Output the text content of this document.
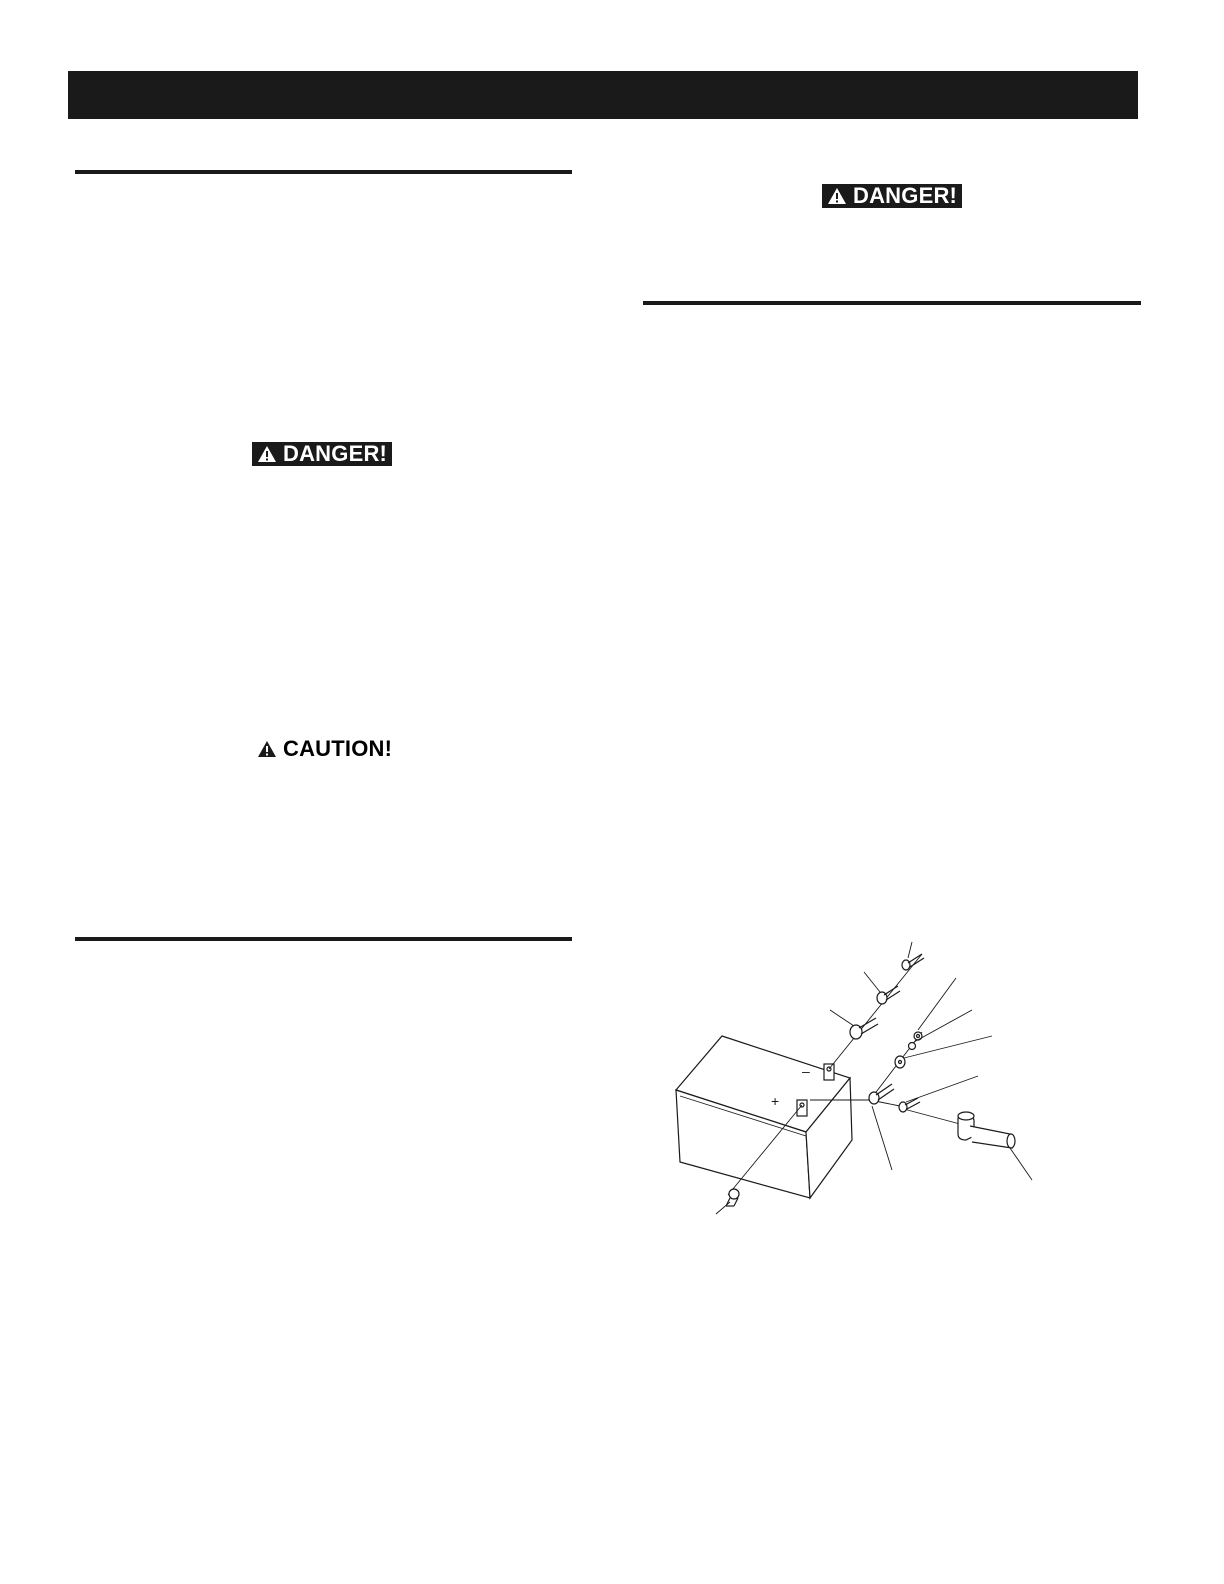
DANGER!
DANGER!
CAUTION!
–
+
